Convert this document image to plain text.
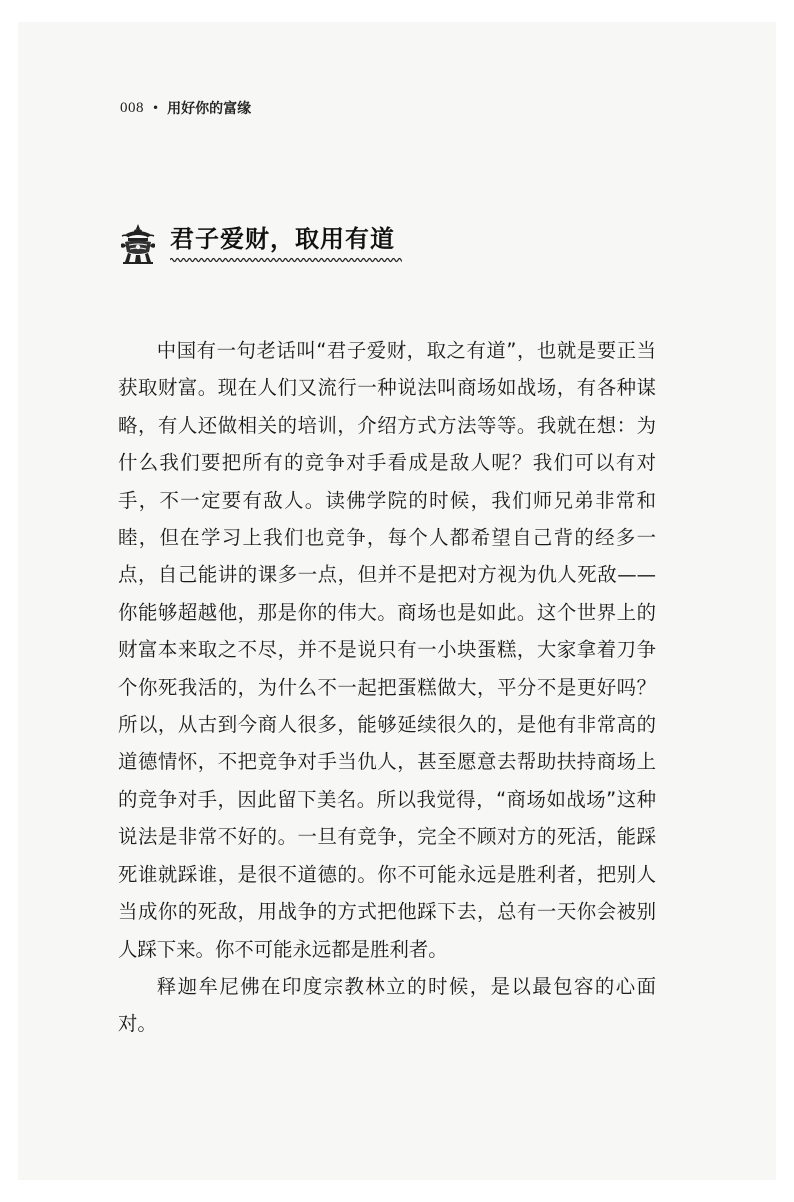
008 • 用好你的富缘
君子爱财，取用有道

中国有一句老话叫“君子爱财，取之有道”，也就是要正当获取财富。现在人们又流行一种说法叫商场如战场，有各种谋略，有人还做相关的培训，介绍方式方法等等。我就在想：为什么我们要把所有的竞争对手看成是敌人呢？我们可以有对手，不一定要有敌人。读佛学院的时候，我们师兄弟非常和睦，但在学习上我们也竞争，每个人都希望自己背的经多一点，自己能讲的课多一点，但并不是把对方视为仇人死敌——你能够超越他，那是你的伟大。商场也是如此。这个世界上的财富本来取之不尽，并不是说只有一小块蛋糕，大家拿着刀争个你死我活的，为什么不一起把蛋糕做大，平分不是更好吗？所以，从古到今商人很多，能够延续很久的，是他有非常高的道德情怀，不把竞争对手当仇人，甚至愿意去帮助扶持商场上的竞争对手，因此留下美名。所以我觉得，“商场如战场”这种说法是非常不好的。一旦有竞争，完全不顾对方的死活，能踩死谁就踩谁，是很不道德的。你不可能永远是胜利者，把别人当成你的死敌，用战争的方式把他踩下去，总有一天你会被别人踩下来。你不可能永远都是胜利者。

释迦牟尼佛在印度宗教林立的时候，是以最包容的心面对。
